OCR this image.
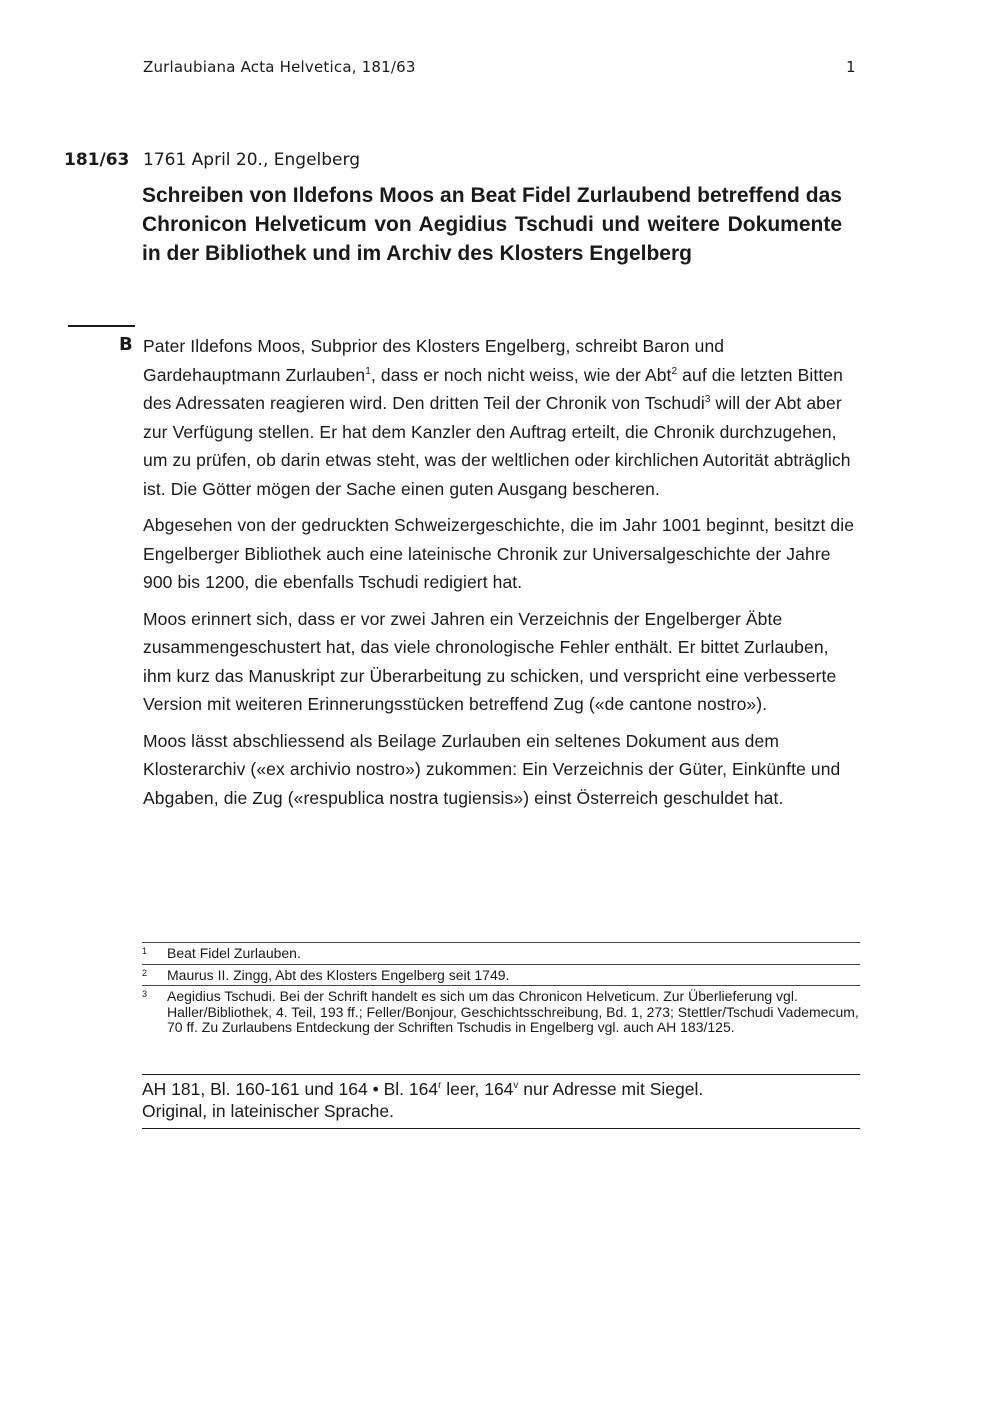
Zurlaubiana Acta Helvetica, 181/63	1
181/63 1761 April 20., Engelberg
Schreiben von Ildefons Moos an Beat Fidel Zurlaubend betreffend das Chronicon Helveticum von Aegidius Tschudi und weitere Dokumente in der Bibliothek und im Archiv des Klosters Engelberg
B Pater Ildefons Moos, Subprior des Klosters Engelberg, schreibt Baron und Gardehauptmann Zurlauben$^1$, dass er noch nicht weiss, wie der Abt$^2$ auf die letzten Bitten des Adressaten reagieren wird. Den dritten Teil der Chronik von Tschudi$^3$ will der Abt aber zur Verfügung stellen. Er hat dem Kanzler den Auftrag erteilt, die Chronik durchzugehen, um zu prüfen, ob darin etwas steht, was der weltlichen oder kirchlichen Autorität abträglich ist. Die Götter mögen der Sache einen guten Ausgang bescheren.

Abgesehen von der gedruckten Schweizergeschichte, die im Jahr 1001 beginnt, besitzt die Engelberger Bibliothek auch eine lateinische Chronik zur Universalgeschichte der Jahre 900 bis 1200, die ebenfalls Tschudi redigiert hat.

Moos erinnert sich, dass er vor zwei Jahren ein Verzeichnis der Engelberger Äbte zusammengeschustert hat, das viele chronologische Fehler enthält. Er bittet Zurlauben, ihm kurz das Manuskript zur Überarbeitung zu schicken, und verspricht eine verbesserte Version mit weiteren Erinnerungsstücken betreffend Zug («de cantone nostro»).

Moos lässt abschliessend als Beilage Zurlauben ein seltenes Dokument aus dem Klosterarchiv («ex archivio nostro») zukommen: Ein Verzeichnis der Güter, Einkünfte und Abgaben, die Zug («respublica nostra tugiensis») einst Österreich geschuldet hat.

1 Beat Fidel Zurlauben.
2 Maurus II. Zingg, Abt des Klosters Engelberg seit 1749.
3 Aegidius Tschudi. Bei der Schrift handelt es sich um das Chronicon Helveticum. Zur Überlieferung vgl. Haller/Bibliothek, 4. Teil, 193 ff.; Feller/Bonjour, Geschichtsschreibung, Bd. 1, 273; Stettler/Tschudi Vademecum, 70 ff. Zu Zurlaubens Entdeckung der Schriften Tschudis in Engelberg vgl. auch AH 183/125.
AH 181, Bl. 160-161 und 164 • Bl. 164$^r$ leer, 164$^v$ nur Adresse mit Siegel.
Original, in lateinischer Sprache.
